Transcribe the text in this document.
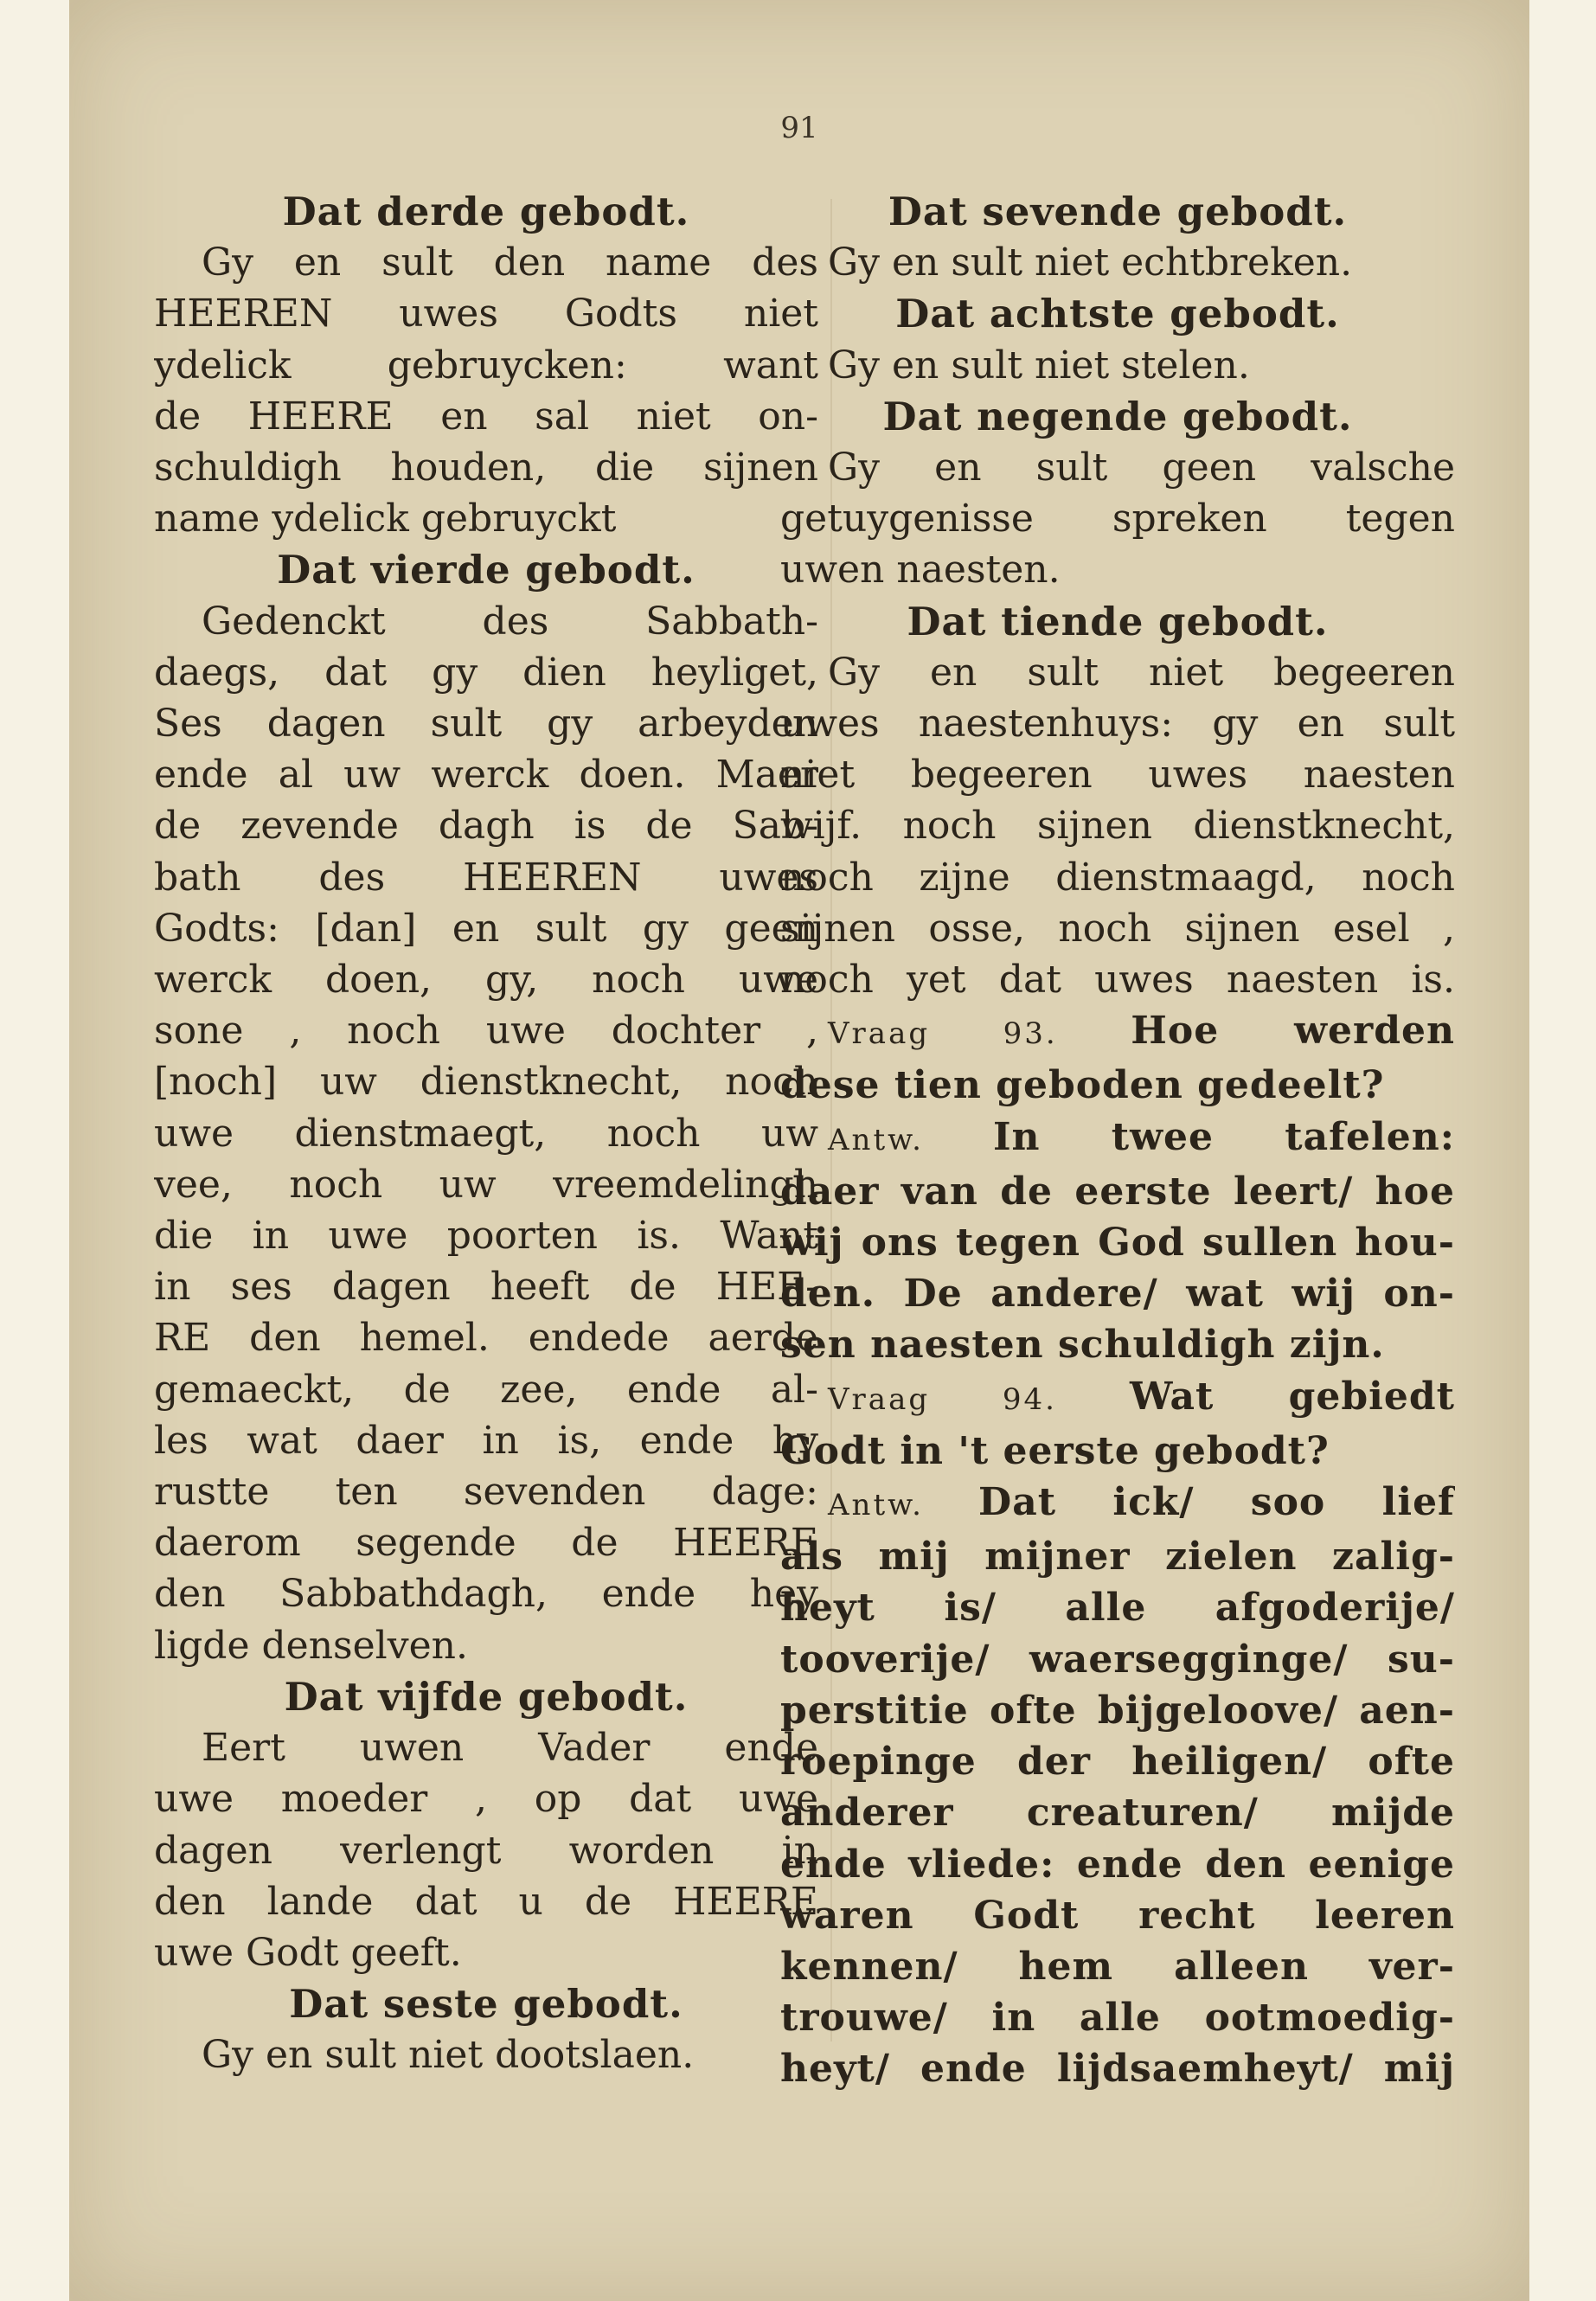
91
Dat derde gebodt.
Gy en sult den name des
HEEREN uwes Godts niet
ydelick gebruycken: want
de HEERE en sal niet on-
schuldigh houden, die sijnen
name ydelick gebruyckt
Dat vierde gebodt.
Gedenckt des Sabbath-
daegs, dat gy dien heyliget,
Ses dagen sult gy arbeyden
ende al uw werck doen. Maer
de zevende dagh is de Sab-
bath des HEEREN uwes
Godts: [dan] en sult gy geen
werck doen, gy, noch uwe
sone , noch uwe dochter ,
[noch] uw dienstknecht, noch
uwe dienstmaegt, noch uw
vee, noch uw vreemdelingh
die in uwe poorten is. Want
in ses dagen heeft de HEE-
RE den hemel. endede aerde
gemaeckt, de zee, ende al-
les wat daer in is, ende hy
rustte ten sevenden dage:
daerom segende de HEERE
den Sabbathdagh, ende hey
ligde denselven.
Dat vijfde gebodt.
Eert uwen Vader ende
uwe moeder , op dat uwe
dagen verlengt worden in
den lande dat u de HEERE
uwe Godt geeft.
Dat seste gebodt.
Gy en sult niet dootslaen.
Dat sevende gebodt.
Gy en sult niet echtbreken.
Dat achtste gebodt.
Gy en sult niet stelen.
Dat negende gebodt.
Gy en sult geen valsche
getuygenisse spreken tegen
uwen naesten.
Dat tiende gebodt.
Gy en sult niet begeeren
uwes naestenhuys: gy en sult
niet begeeren uwes naesten
wijf. noch sijnen dienstknecht,
noch zijne dienstmaagd, noch
sijnen osse, noch sijnen esel ,
noch yet dat uwes naesten is.
Vraag 93. Hoe werden
dese tien geboden gedeelt?
Antw. In twee tafelen:
daer van de eerste leert/ hoe
wij ons tegen God sullen hou-
den. De andere/ wat wij on-
sen naesten schuldigh zijn.
Vraag 94. Wat gebiedt
Godt in 't eerste gebodt?
Antw. Dat ick/ soo lief
als mij mijner zielen zalig-
heyt is/ alle afgoderije/
tooverije/ waersegginge/ su-
perstitie ofte bijgeloove/ aen-
roepinge der heiligen/ ofte
anderer creaturen/ mijde
ende vliede: ende den eenige
waren Godt recht leeren
kennen/ hem alleen ver-
trouwe/ in alle ootmoedig-
heyt/ ende lijdsaemheyt/ mij
